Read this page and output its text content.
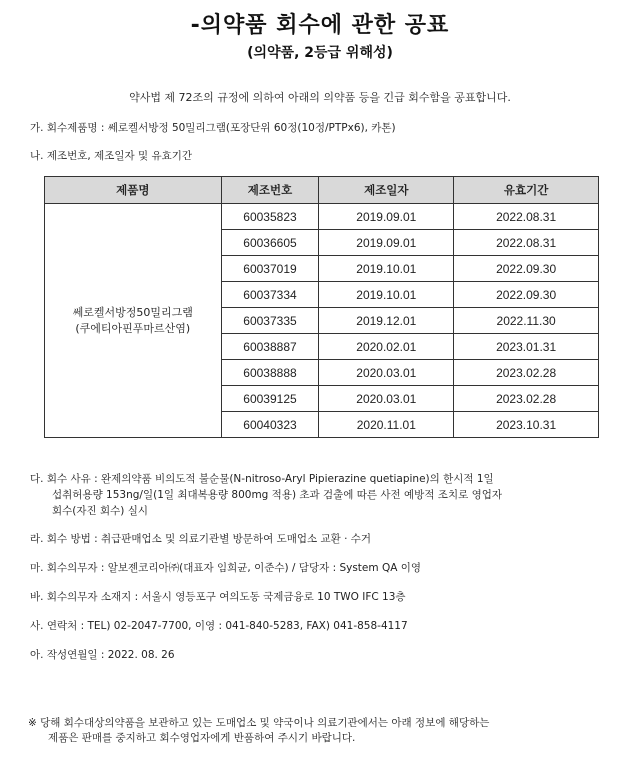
-의약품 회수에 관한 공표
(의약품, 2등급 위해성)
약사법 제 72조의 규정에 의하여 아래의 의약품 등을 긴급 회수함을 공표합니다.
가. 회수제품명 : 쎄로켈서방정 50밀리그램(포장단위 60정(10정/PTPx6), 카톤)
나. 제조번호, 제조일자 및 유효기간
제품명	제조번호	제조일자	유효기간
쎄로켈서방정50밀리그램
(쿠에티아핀푸마르산염)	60035823	2019.09.01	2022.08.31
	60036605	2019.09.01	2022.08.31
	60037019	2019.10.01	2022.09.30
	60037334	2019.10.01	2022.09.30
	60037335	2019.12.01	2022.11.30
	60038887	2020.02.01	2023.01.31
	60038888	2020.03.01	2023.02.28
	60039125	2020.03.01	2023.02.28
	60040323	2020.11.01	2023.10.31
다. 회수 사유 : 완제의약품 비의도적 불순물(N-nitroso-Aryl Pipierazine quetiapine)의 한시적 1일
섭취허용량 153ng/일(1일 최대복용량 800mg 적용) 초과 검출에 따른 사전 예방적 조치로 영업자
회수(자진 회수) 실시
라. 회수 방법 : 취급판매업소 및 의료기관별 방문하여 도매업소 교환 · 수거
마. 회수의무자 : 알보젠코리아㈜(대표자 임희균, 이준수) / 담당자 : System QA 이영
바. 회수의무자 소재지 : 서울시 영등포구 여의도동 국제금융로 10 TWO IFC 13층
사. 연락처 : TEL) 02-2047-7700, 이영 : 041-840-5283, FAX) 041-858-4117
아. 작성연월일 : 2022. 08. 26
※ 당해 회수대상의약품을 보관하고 있는 도매업소 및 약국이나 의료기관에서는 아래 정보에 해당하는
제품은 판매를 중지하고 회수영업자에게 반품하여 주시기 바랍니다.
